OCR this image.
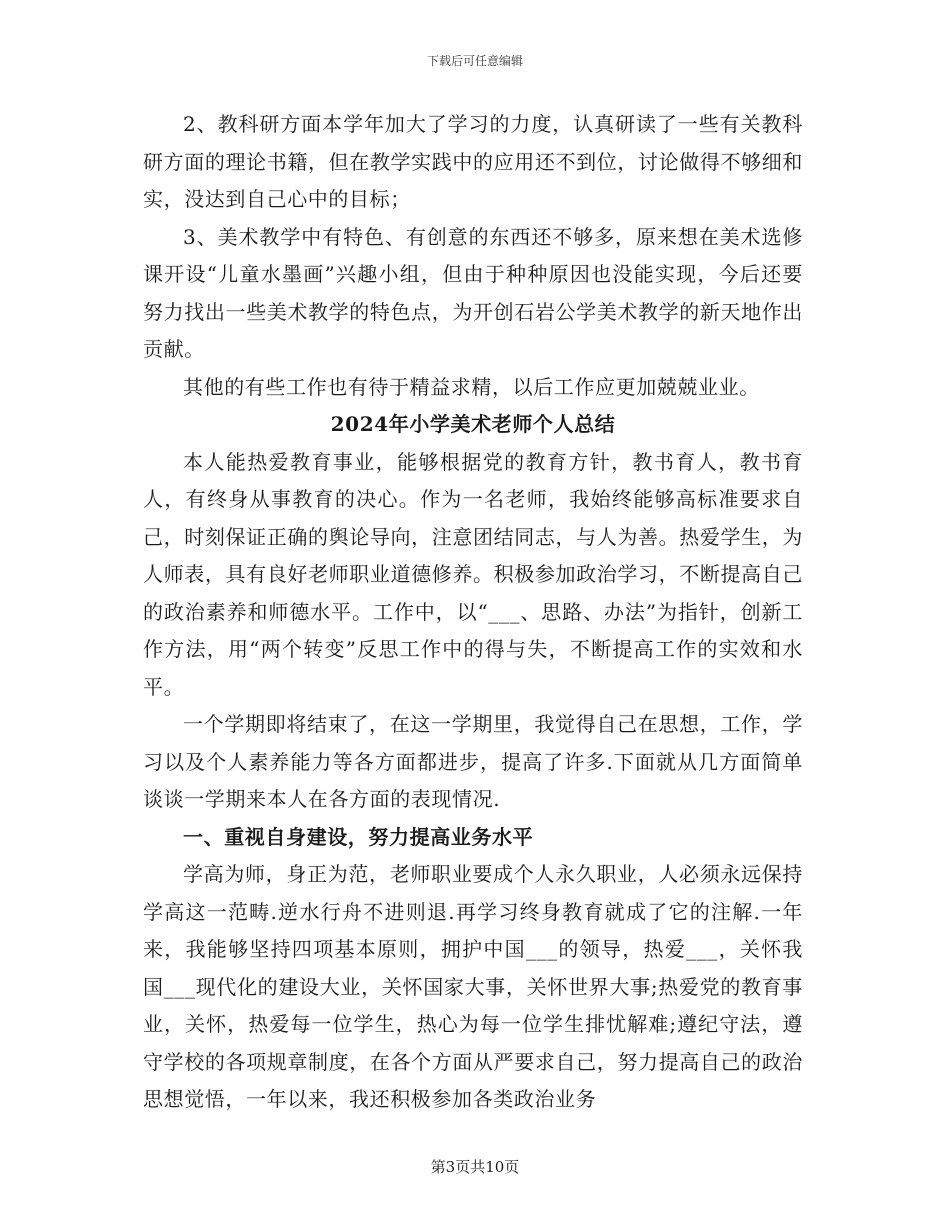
下载后可任意编辑

2、教科研方面本学年加大了学习的力度，认真研读了一些有关教科研方面的理论书籍，但在教学实践中的应用还不到位，讨论做得不够细和实，没达到自己心中的目标；

3、美术教学中有特色、有创意的东西还不够多，原来想在美术选修课开设“儿童水墨画”兴趣小组，但由于种种原因也没能实现，今后还要努力找出一些美术教学的特色点，为开创石岩公学美术教学的新天地作出贡献。

其他的有些工作也有待于精益求精，以后工作应更加兢兢业业。

2024年小学美术老师个人总结

本人能热爱教育事业，能够根据党的教育方针，教书育人，教书育人，有终身从事教育的决心。作为一名老师，我始终能够高标准要求自己，时刻保证正确的舆论导向，注意团结同志，与人为善。热爱学生，为人师表，具有良好老师职业道德修养。积极参加政治学习，不断提高自己的政治素养和师德水平。工作中，以“___、思路、办法”为指针，创新工作方法，用“两个转变”反思工作中的得与失，不断提高工作的实效和水平。

一个学期即将结束了，在这一学期里，我觉得自己在思想，工作，学习以及个人素养能力等各方面都进步，提高了许多.下面就从几方面简单谈谈一学期来本人在各方面的表现情况.

一、重视自身建设，努力提高业务水平

学高为师，身正为范，老师职业要成个人永久职业，人必须永远保持学高这一范畴.逆水行舟不进则退.再学习终身教育就成了它的注解.一年来，我能够坚持四项基本原则，拥护中国___的领导，热爱___，关怀我国___现代化的建设大业，关怀国家大事，关怀世界大事;热爱党的教育事业，关怀，热爱每一位学生，热心为每一位学生排忧解难;遵纪守法，遵守学校的各项规章制度，在各个方面从严要求自己，努力提高自己的政治思想觉悟，一年以来，我还积极参加各类政治业务

第3页共10页
